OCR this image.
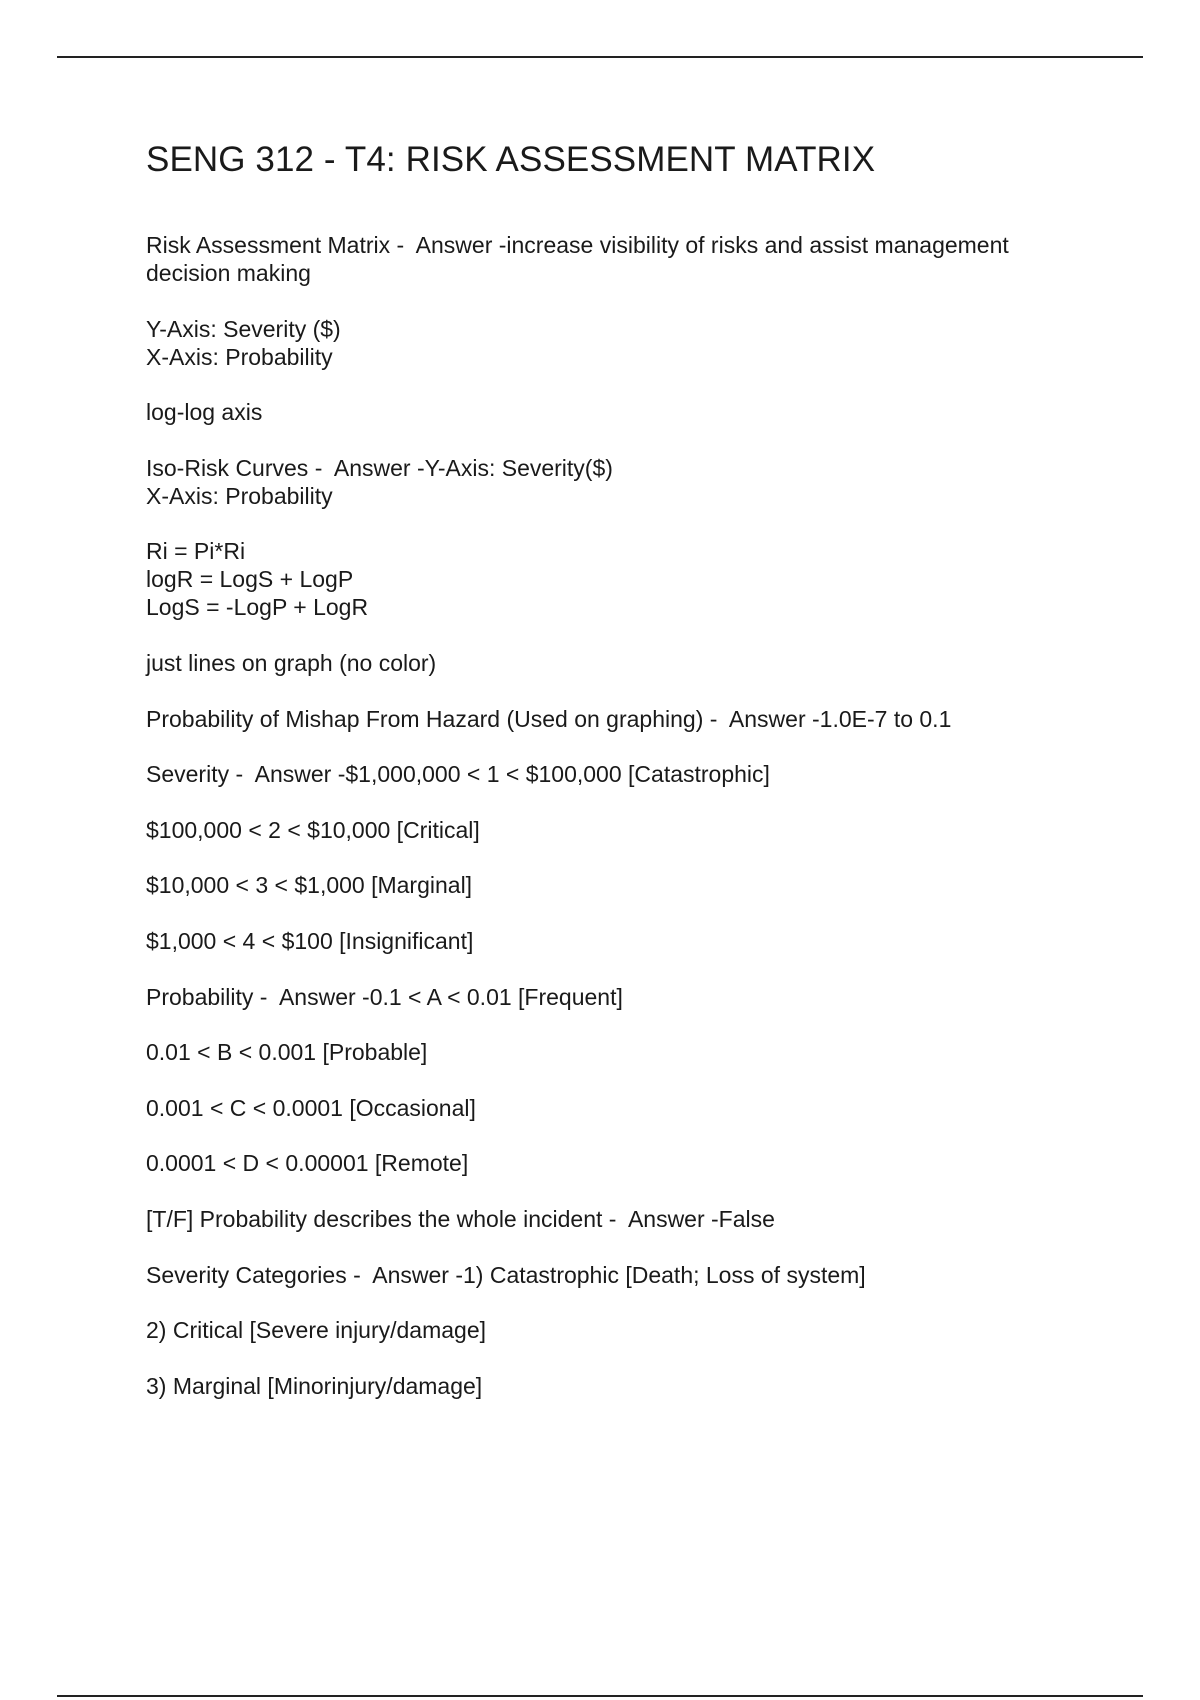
SENG 312 - T4: RISK ASSESSMENT MATRIX
Risk Assessment Matrix -  Answer -increase visibility of risks and assist management
decision making
Y-Axis: Severity ($)
X-Axis: Probability
log-log axis
Iso-Risk Curves -  Answer -Y-Axis: Severity($)
X-Axis: Probability
Ri = Pi*Ri
logR = LogS + LogP
LogS = -LogP + LogR
just lines on graph (no color)
Probability of Mishap From Hazard (Used on graphing) -  Answer -1.0E-7 to 0.1
Severity -  Answer -$1,000,000 < 1 < $100,000 [Catastrophic]
$100,000 < 2 < $10,000 [Critical]
$10,000 < 3 < $1,000 [Marginal]
$1,000 < 4 < $100 [Insignificant]
Probability -  Answer -0.1 < A < 0.01 [Frequent]
0.01 < B < 0.001 [Probable]
0.001 < C < 0.0001 [Occasional]
0.0001 < D < 0.00001 [Remote]
[T/F] Probability describes the whole incident -  Answer -False
Severity Categories -  Answer -1) Catastrophic [Death; Loss of system]
2) Critical [Severe injury/damage]
3) Marginal [Minorinjury/damage]
